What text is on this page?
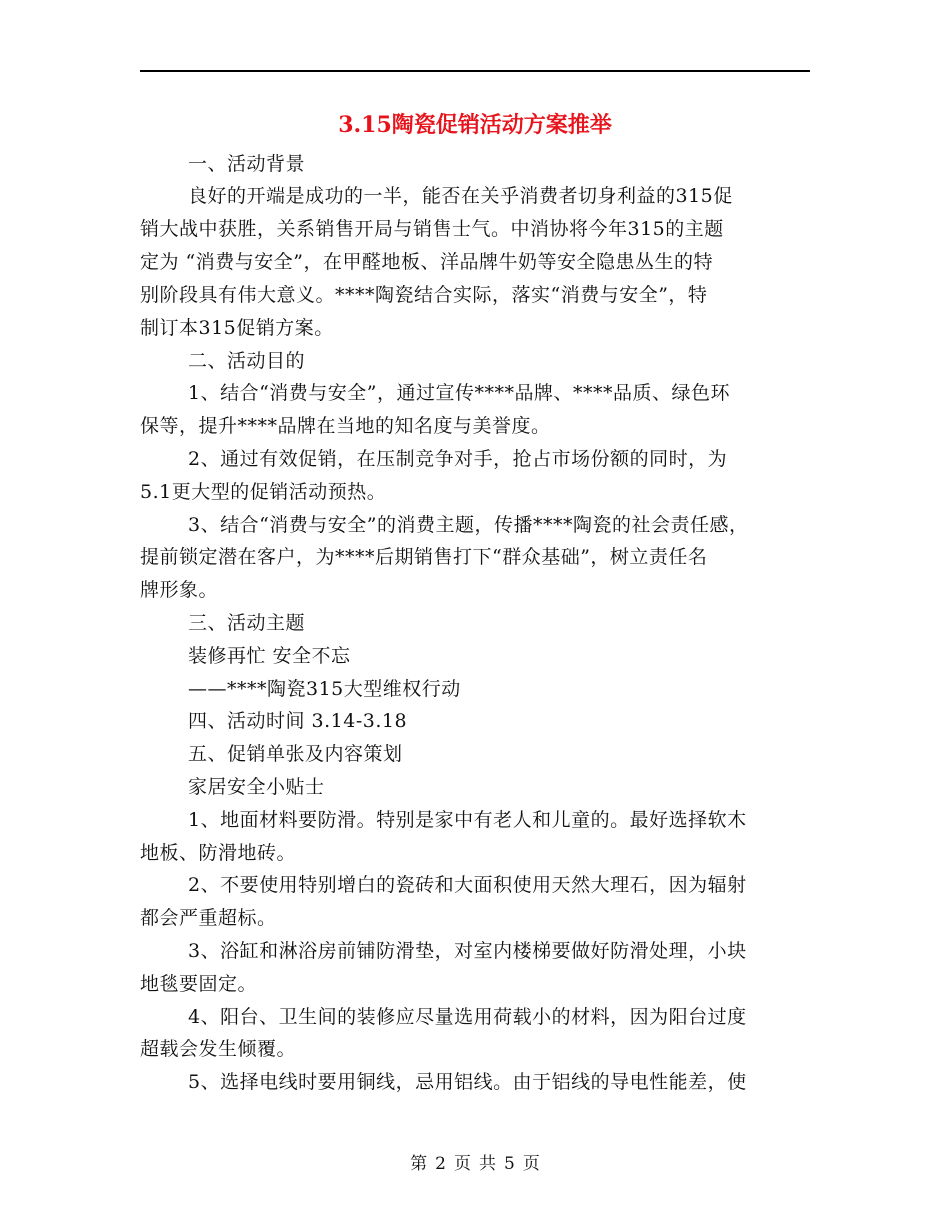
3.15陶瓷促销活动方案推举
一、活动背景
良好的开端是成功的一半，能否在关乎消费者切身利益的315促
销大战中获胜，关系销售开局与销售士气。中消协将今年315的主题
定为 “消费与安全”，在甲醛地板、洋品牌牛奶等安全隐患丛生的特
别阶段具有伟大意义。****陶瓷结合实际，落实“消费与安全”，特
制订本315促销方案。
二、活动目的
1、结合“消费与安全”，通过宣传****品牌、****品质、绿色环
保等，提升****品牌在当地的知名度与美誉度。
2、通过有效促销，在压制竞争对手，抢占市场份额的同时，为
5.1更大型的促销活动预热。
3、结合“消费与安全”的消费主题，传播****陶瓷的社会责任感，
提前锁定潜在客户，为****后期销售打下“群众基础”，树立责任名
牌形象。
三、活动主题
装修再忙 安全不忘
——****陶瓷315大型维权行动
四、活动时间 3.14-3.18
五、促销单张及内容策划
家居安全小贴士
1、地面材料要防滑。特别是家中有老人和儿童的。最好选择软木
地板、防滑地砖。
2、不要使用特别增白的瓷砖和大面积使用天然大理石，因为辐射
都会严重超标。
3、浴缸和淋浴房前铺防滑垫，对室内楼梯要做好防滑处理，小块
地毯要固定。
4、阳台、卫生间的装修应尽量选用荷载小的材料，因为阳台过度
超载会发生倾覆。
5、选择电线时要用铜线，忌用铝线。由于铝线的导电性能差，使
第 2 页 共 5 页
